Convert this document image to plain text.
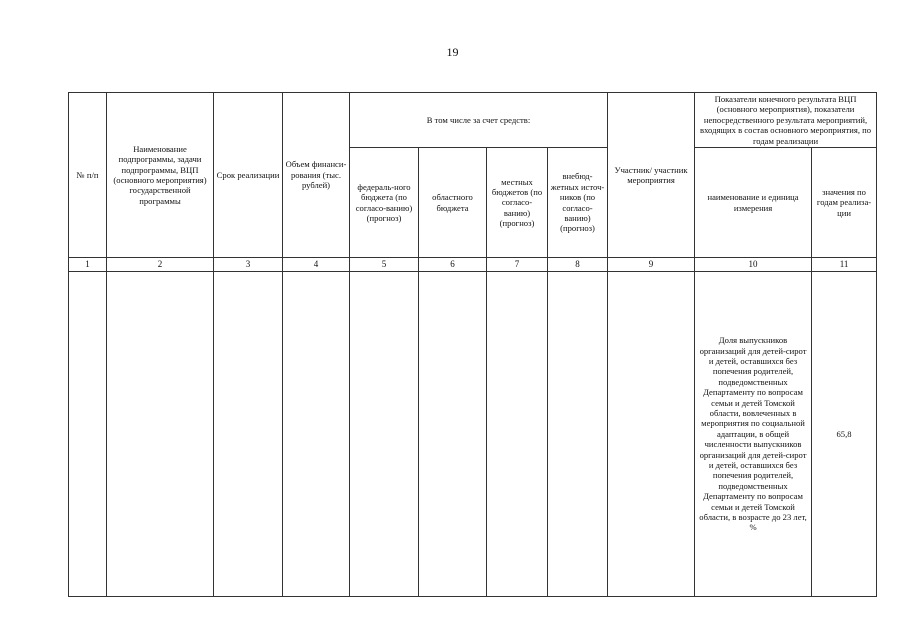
19
№ п/п	Наименование подпрограммы, задачи подпрограммы, ВЦП (основного мероприятия) государственной программы	Срок реализации	Объем финанси-рования (тыс. рублей)	В том числе за счет средств:				Участник/ участник мероприятия	Показатели конечного результата ВЦП (основного мероприятия), показатели непосредственного результата мероприятий, входящих в состав основного мероприятия, по годам реализации	
				федераль-ного бюджета (по согласо-ванию) (прогноз)	областного бюджета	местных бюджетов (по согласо-ванию) (прогноз)	внебюд-жетных источ-ников (по согласо-ванию) (прогноз)		наименование и единица измерения	значения по годам реализа-ции
1	2	3	4	5	6	7	8	9	10	11
									Доля выпускников организаций для детей-сирот и детей, оставшихся без попечения родителей, подведомственных Департаменту по вопросам семьи и детей Томской области, вовлеченных в мероприятия по социальной адаптации, в общей численности выпускников организаций для детей-сирот и детей, оставшихся без попечения родителей, подведомственных Департаменту по вопросам семьи и детей Томской области, в возрасте до 23 лет, %	65,8
